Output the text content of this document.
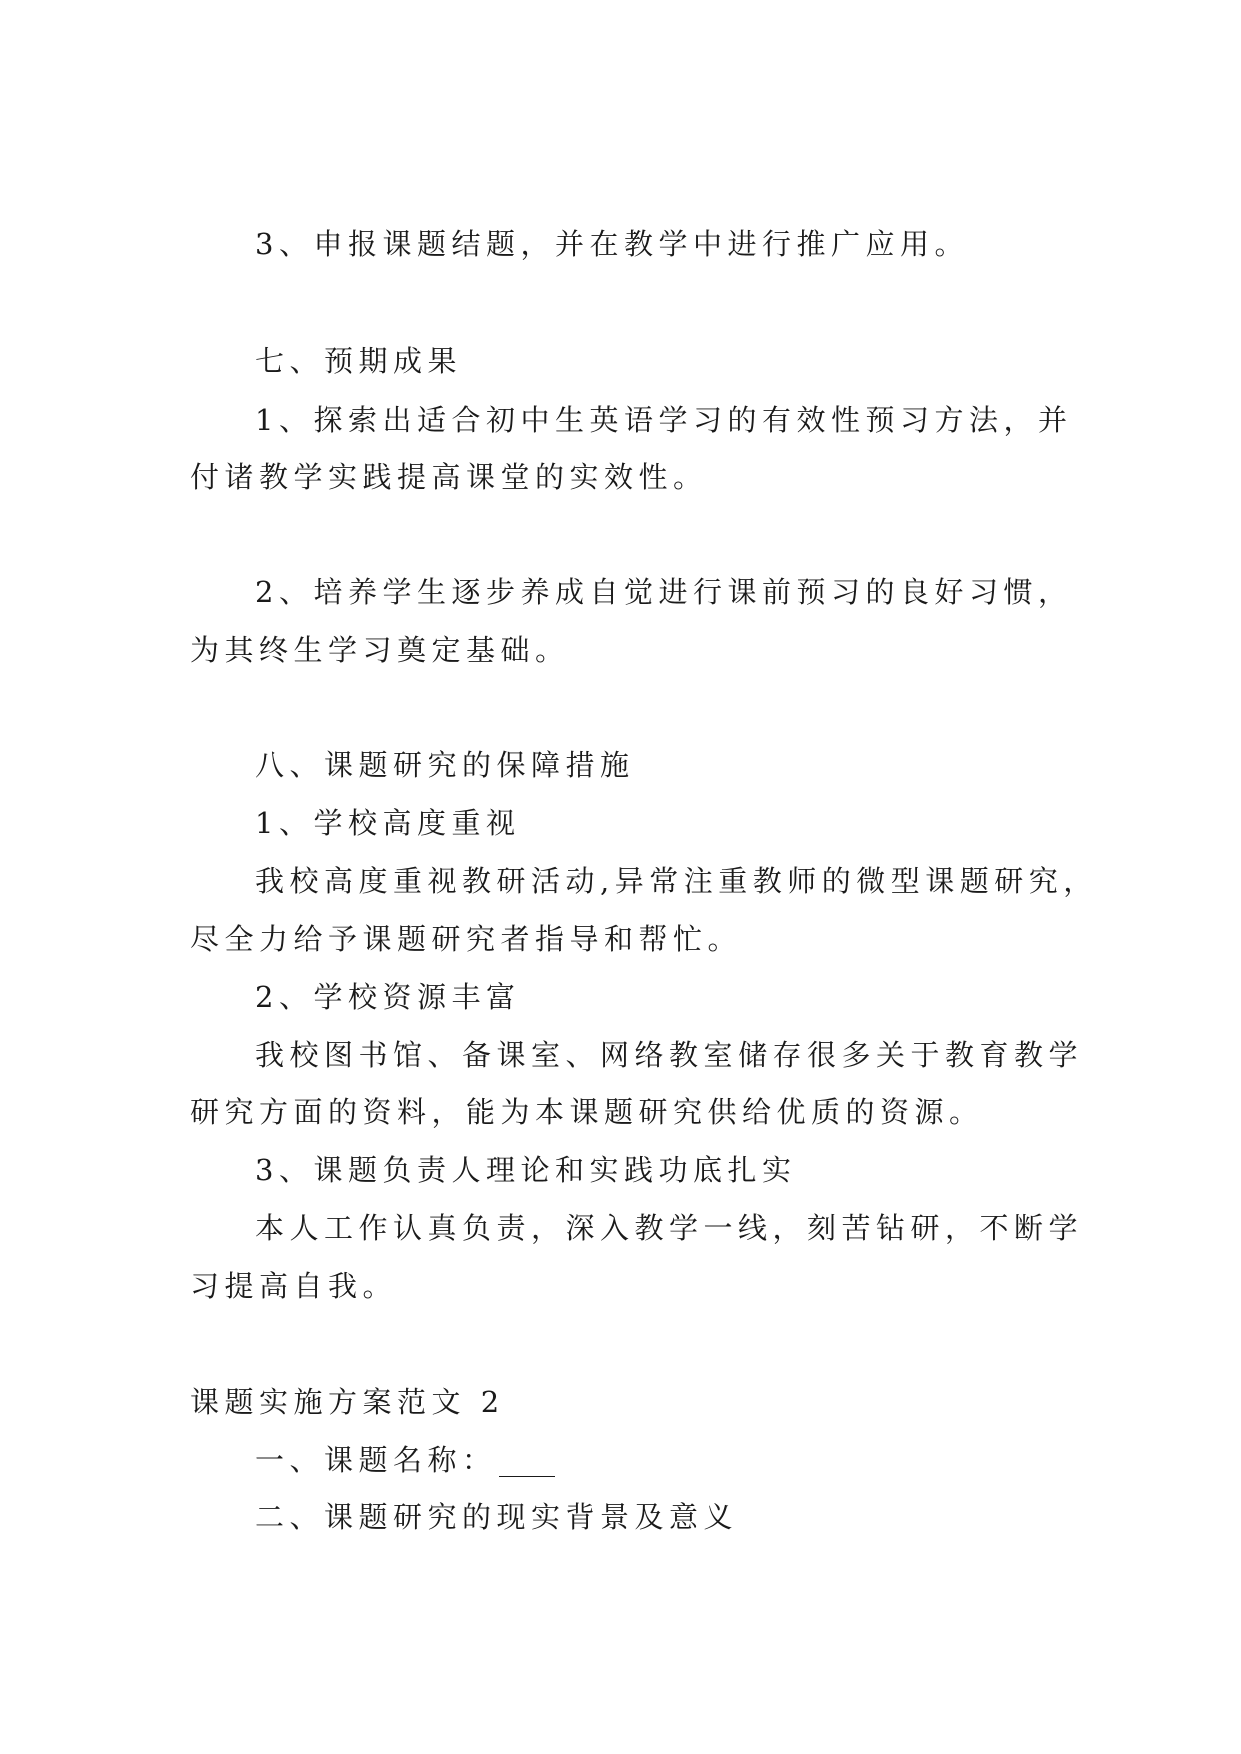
3、申报课题结题，并在教学中进行推广应用。
七、预期成果
1、探索出适合初中生英语学习的有效性预习方法，并
付诸教学实践提高课堂的实效性。
2、培养学生逐步养成自觉进行课前预习的良好习惯，
为其终生学习奠定基础。
八、课题研究的保障措施
1、学校高度重视
我校高度重视教研活动,异常注重教师的微型课题研究，
尽全力给予课题研究者指导和帮忙。
2、学校资源丰富
我校图书馆、备课室、网络教室储存很多关于教育教学
研究方面的资料，能为本课题研究供给优质的资源。
3、课题负责人理论和实践功底扎实
本人工作认真负责，深入教学一线，刻苦钻研，不断学
习提高自我。
课题实施方案范文 2
一、课题名称：
二、课题研究的现实背景及意义
